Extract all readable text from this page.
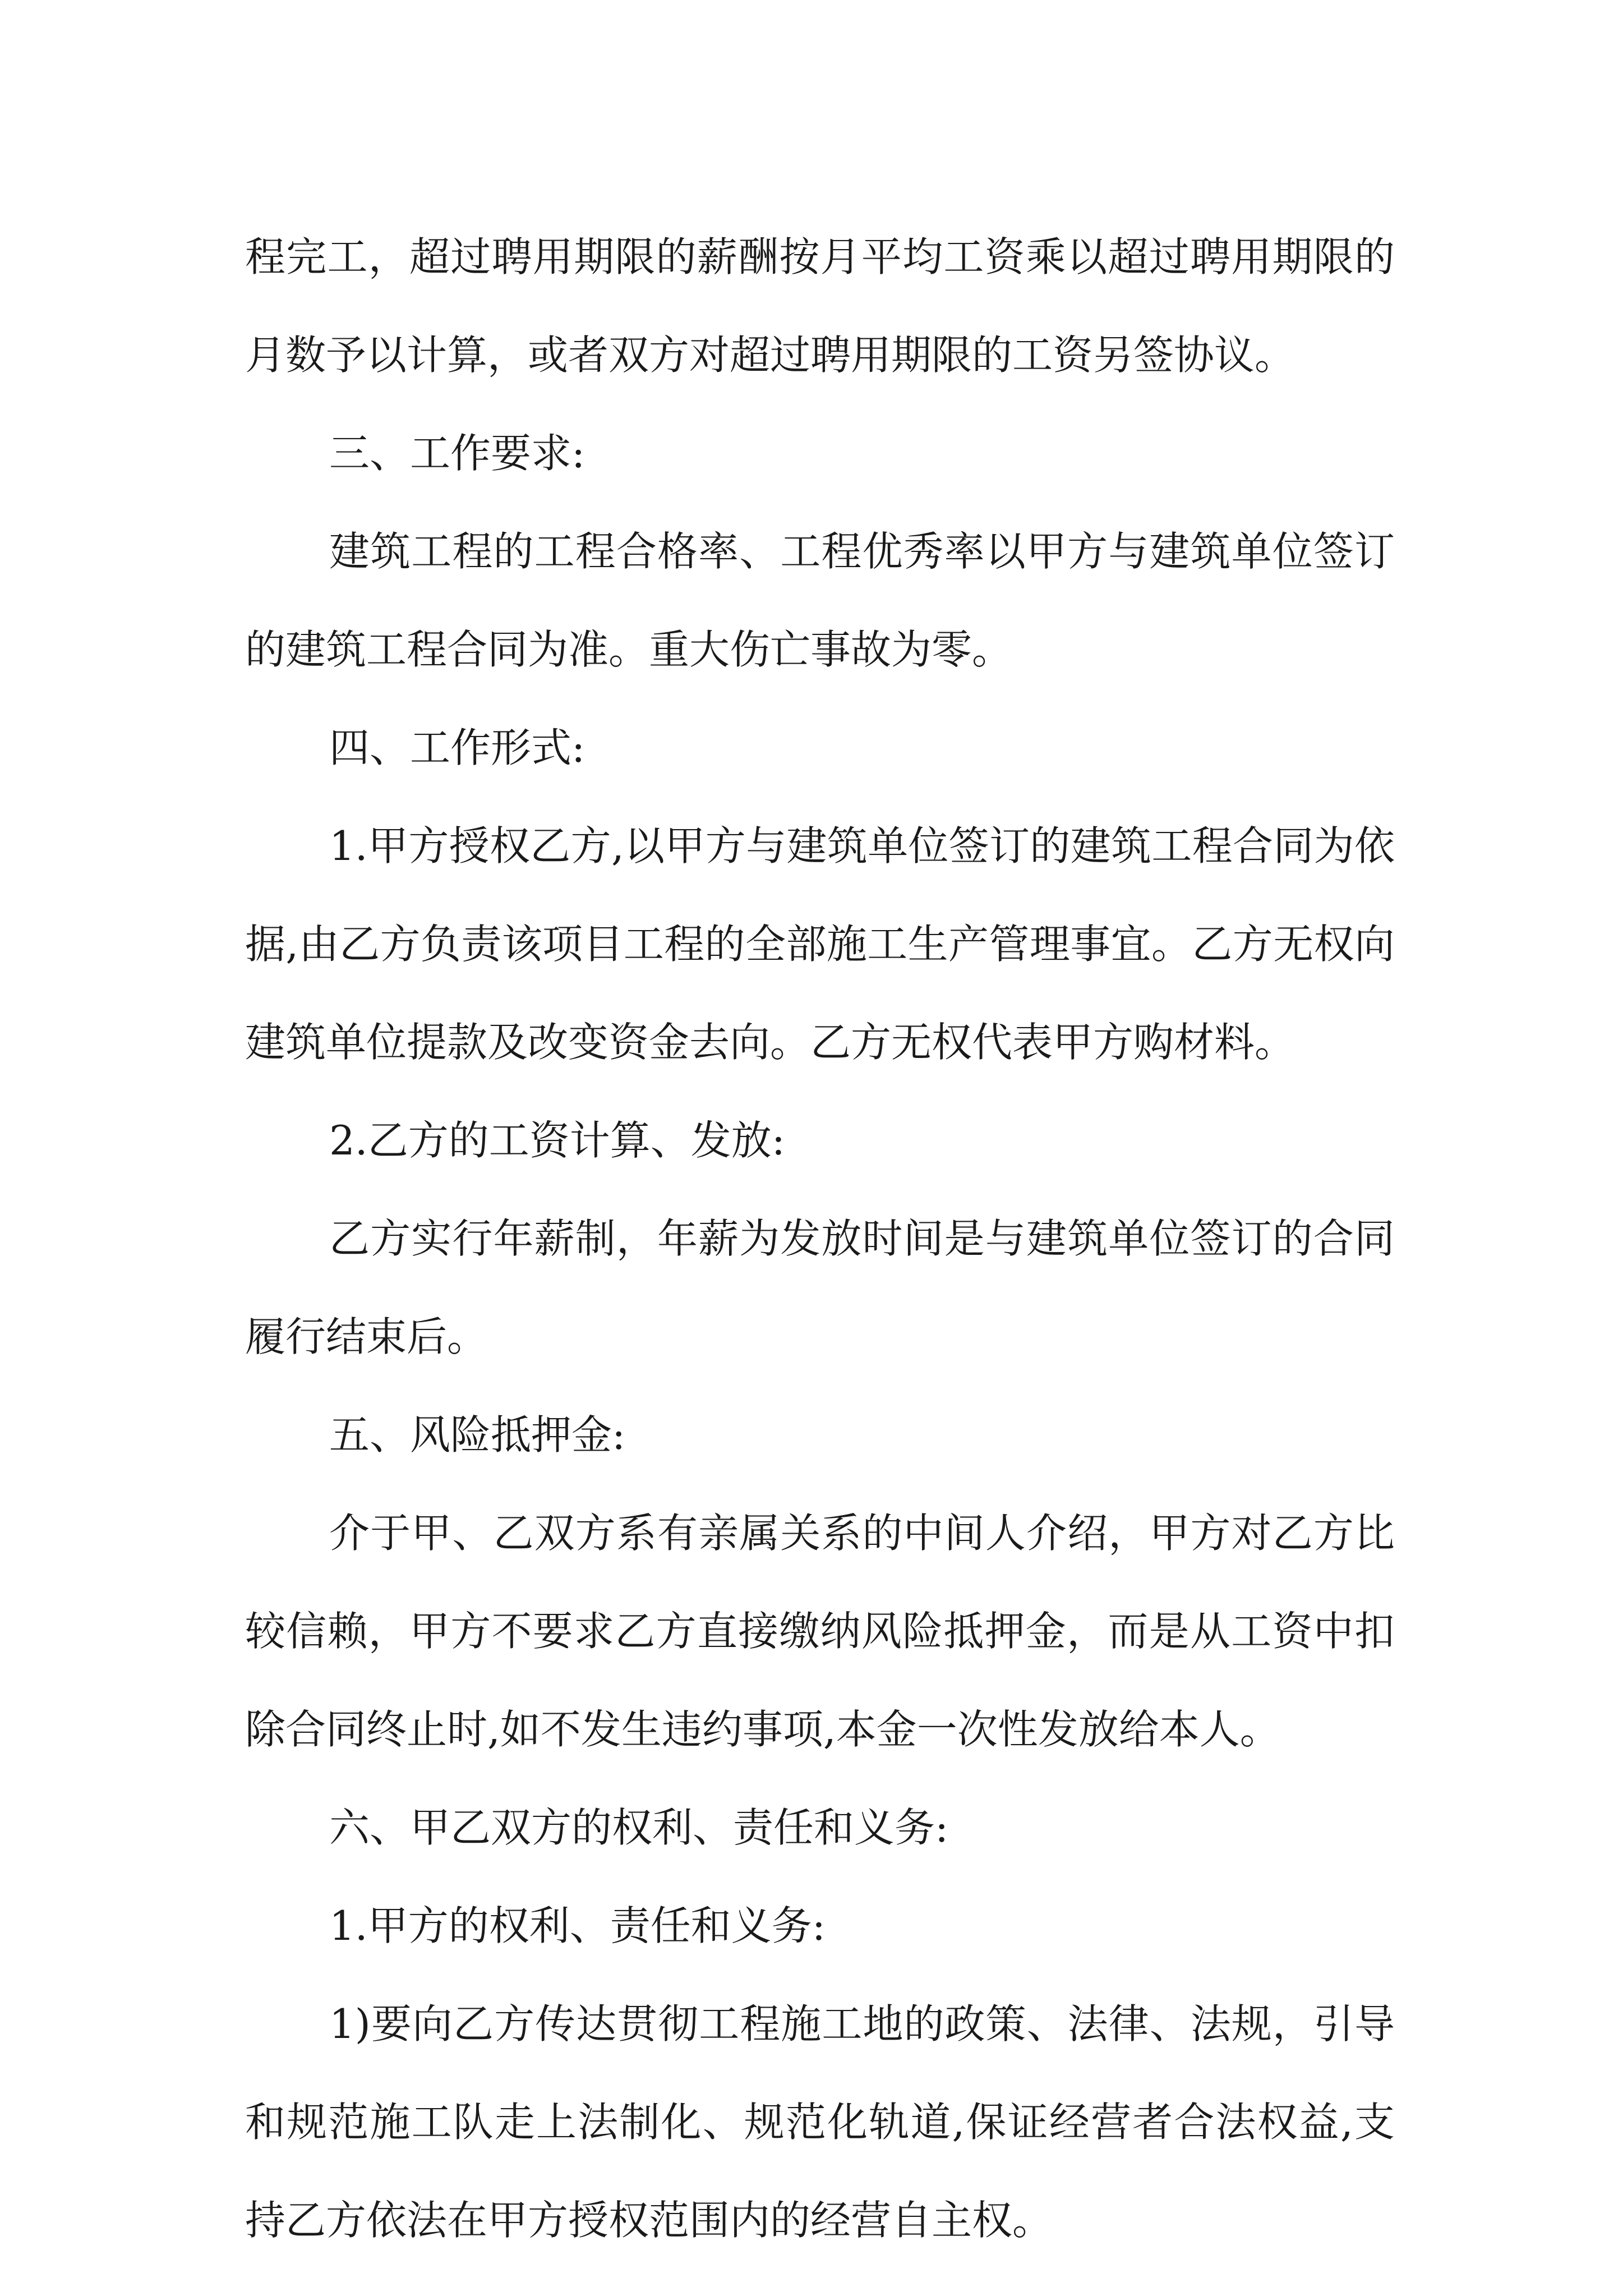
程完工，超过聘用期限的薪酬按月平均工资乘以超过聘用期限的月数予以计算，或者双方对超过聘用期限的工资另签协议。

三、工作要求:

建筑工程的工程合格率、工程优秀率以甲方与建筑单位签订的建筑工程合同为准。重大伤亡事故为零。

四、工作形式:

1.甲方授权乙方,以甲方与建筑单位签订的建筑工程合同为依据,由乙方负责该项目工程的全部施工生产管理事宜。乙方无权向建筑单位提款及改变资金去向。乙方无权代表甲方购材料。

2.乙方的工资计算、发放:

乙方实行年薪制，年薪为发放时间是与建筑单位签订的合同履行结束后。

五、风险抵押金:

介于甲、乙双方系有亲属关系的中间人介绍，甲方对乙方比较信赖，甲方不要求乙方直接缴纳风险抵押金，而是从工资中扣除合同终止时,如不发生违约事项,本金一次性发放给本人。

六、甲乙双方的权利、责任和义务:

1.甲方的权利、责任和义务:

1)要向乙方传达贯彻工程施工地的政策、法律、法规，引导和规范施工队走上法制化、规范化轨道,保证经营者合法权益,支持乙方依法在甲方授权范围内的经营自主权。
